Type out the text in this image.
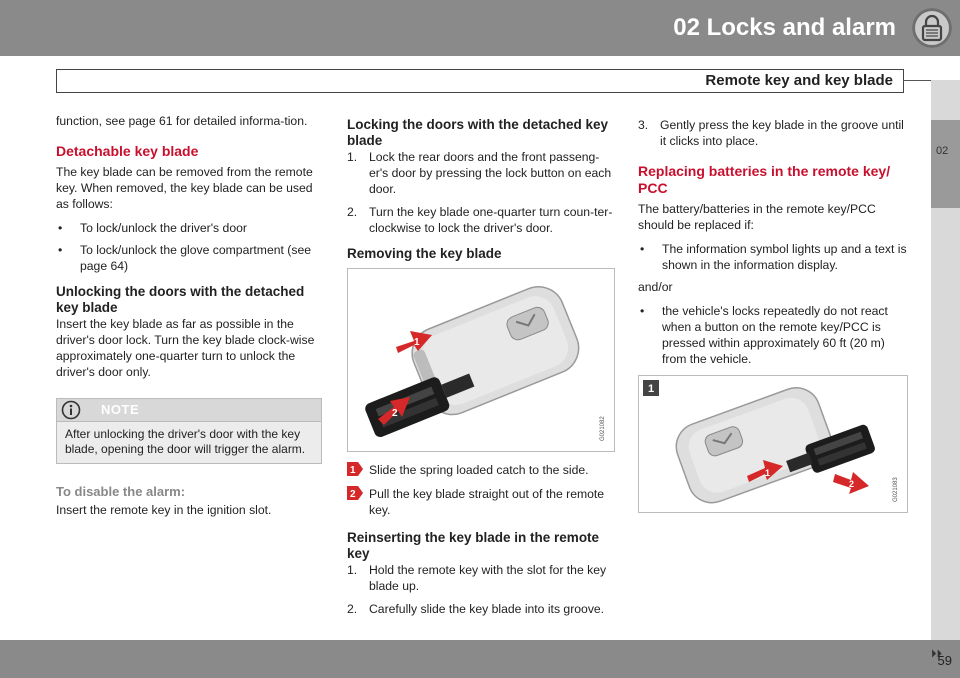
02 Locks and alarm
Remote key and key blade
02

function, see page 61 for detailed informa-tion.

Detachable key blade

The key blade can be removed from the remote key. When removed, the key blade can be used as follows:

•	To lock/unlock the driver's door
•	To lock/unlock the glove compartment (see page 64)
Unlocking the doors with the detached key blade

Insert the key blade as far as possible in the driver's door lock. Turn the key blade clock-wise approximately one-quarter turn to unlock the driver's door only.

NOTE
After unlocking the driver's door with the key blade, opening the door will trigger the alarm.
To disable the alarm:

Insert the remote key in the ignition slot.

Locking the doors with the detached key blade
1. Lock the rear doors and the front passeng-er's door by pressing the lock button on each door.
2. Turn the key blade one-quarter turn coun-ter-clockwise to lock the driver's door.
Removing the key blade
1
2
G021082
1 Slide the spring loaded catch to the side.
2 Pull the key blade straight out of the remote key.
Reinserting the key blade in the remote key
1. Hold the remote key with the slot for the key blade up.
2. Carefully slide the key blade into its groove.
3. Gently press the key blade in the groove until it clicks into place.
Replacing batteries in the remote key/ PCC

The battery/batteries in the remote key/PCC should be replaced if:

•	The information symbol lights up and a text is shown in the information display.

and/or

•	the vehicle's locks repeatedly do not react when a button on the remote key/PCC is pressed within approximately 60 ft (20 m) from the vehicle.
1
1
2	G021083
⏵⏵
59
